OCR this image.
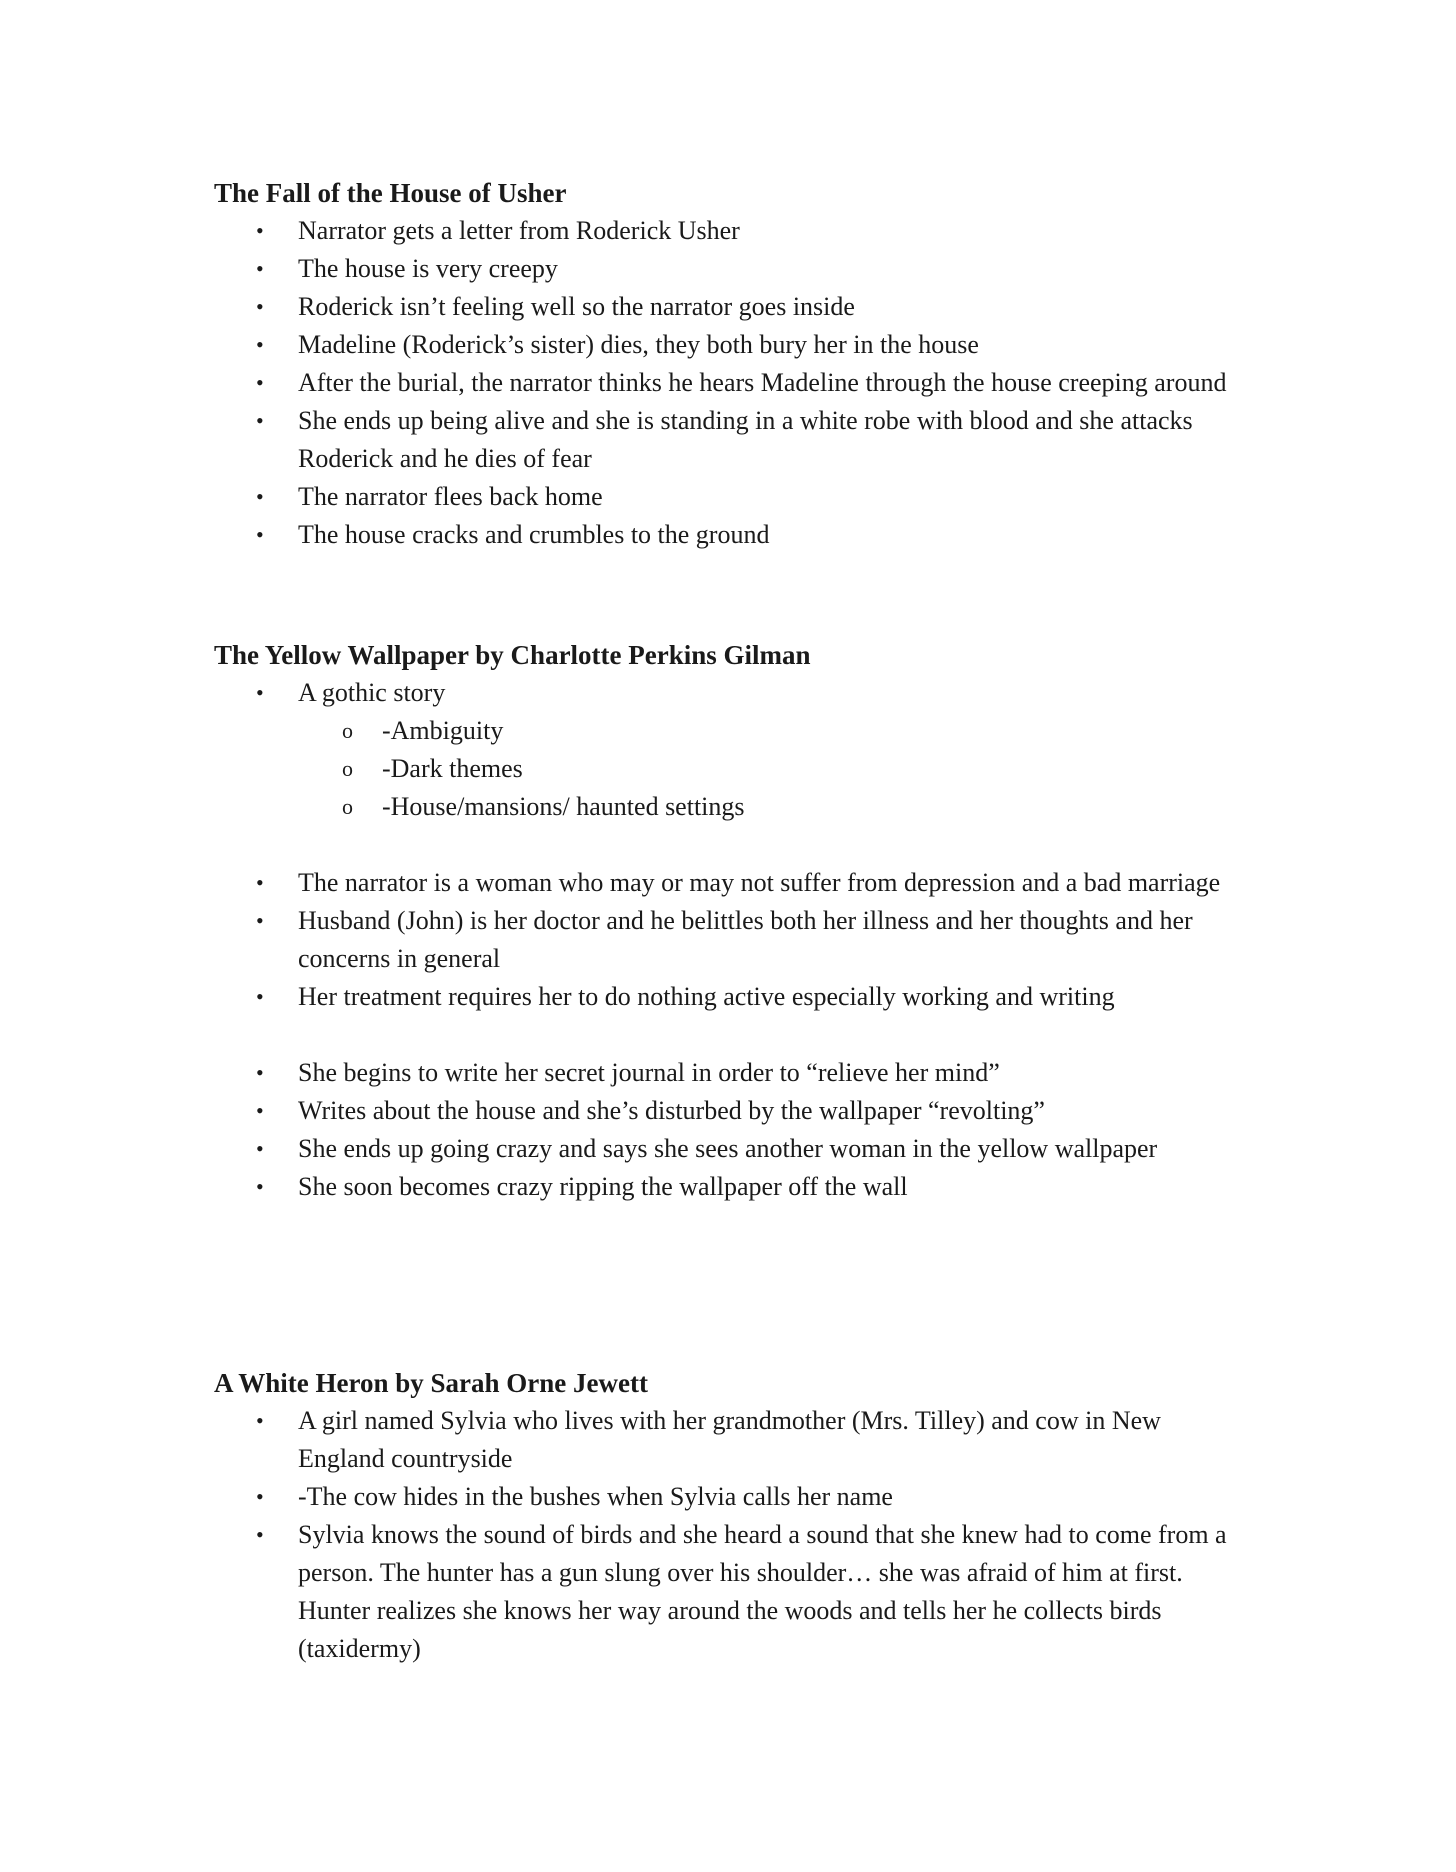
The Fall of the House of Usher
• Narrator gets a letter from Roderick Usher
• The house is very creepy
• Roderick isn’t feeling well so the narrator goes inside
• Madeline (Roderick’s sister) dies, they both bury her in the house
• After the burial, the narrator thinks he hears Madeline through the house creeping around
• She ends up being alive and she is standing in a white robe with blood and she attacks Roderick and he dies of fear
• The narrator flees back home
• The house cracks and crumbles to the ground
The Yellow Wallpaper by Charlotte Perkins Gilman
• A gothic story
o -Ambiguity
o -Dark themes
o -House/mansions/ haunted settings
• The narrator is a woman who may or may not suffer from depression and a bad marriage
• Husband (John) is her doctor and he belittles both her illness and her thoughts and her concerns in general
• Her treatment requires her to do nothing active especially working and writing
• She begins to write her secret journal in order to “relieve her mind”
• Writes about the house and she’s disturbed by the wallpaper “revolting”
• She ends up going crazy and says she sees another woman in the yellow wallpaper
• She soon becomes crazy ripping the wallpaper off the wall
A White Heron by Sarah Orne Jewett
• A girl named Sylvia who lives with her grandmother (Mrs. Tilley) and cow in New England countryside
• -The cow hides in the bushes when Sylvia calls her name
• Sylvia knows the sound of birds and she heard a sound that she knew had to come from a person. The hunter has a gun slung over his shoulder… she was afraid of him at first. Hunter realizes she knows her way around the woods and tells her he collects birds (taxidermy)
